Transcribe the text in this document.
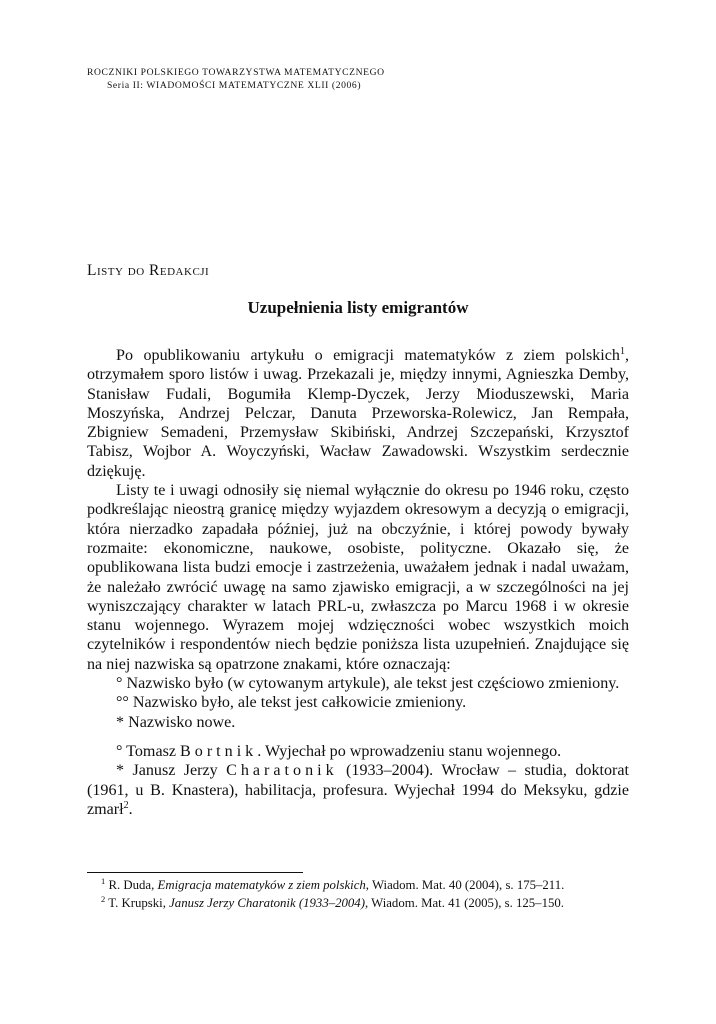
ROCZNIKI POLSKIEGO TOWARZYSTWA MATEMATYCZNEGO
Seria II: WIADOMOŚCI MATEMATYCZNE XLII (2006)
Listy do Redakcji
Uzupełnienia listy emigrantów

Po opublikowaniu artykułu o emigracji matematyków z ziem polskich$^1$, otrzymałem sporo listów i uwag. Przekazali je, między innymi, Agnieszka Demby, Stanisław Fudali, Bogumiła Klemp-Dyczek, Jerzy Mioduszewski, Maria Moszyńska, Andrzej Pelczar, Danuta Przeworska-Rolewicz, Jan Rempała, Zbigniew Semadeni, Przemysław Skibiński, Andrzej Szczepański, Krzysztof Tabisz, Wojbor A. Woyczyński, Wacław Zawadowski. Wszystkim serdecznie dziękuję.

Listy te i uwagi odnosiły się niemal wyłącznie do okresu po 1946 roku, często podkreślając nieostrą granicę między wyjazdem okresowym a decyzją o emigracji, która nierzadko zapadała później, już na obczyźnie, i której powody bywały rozmaite: ekonomiczne, naukowe, osobiste, polityczne. Okazało się, że opublikowana lista budzi emocje i zastrzeżenia, uważałem jednak i nadal uważam, że należało zwrócić uwagę na samo zjawisko emigracji, a w szczególności na jej wyniszczający charakter w latach PRL-u, zwłaszcza po Marcu 1968 i w okresie stanu wojennego. Wyrazem mojej wdzięczności wobec wszystkich moich czytelników i respondentów niech będzie poniższa lista uzupełnień. Znajdujące się na niej nazwiska są opatrzone znakami, które oznaczają:

° Nazwisko było (w cytowanym artykule), ale tekst jest częściowo zmieniony.

°° Nazwisko było, ale tekst jest całkowicie zmieniony.

* Nazwisko nowe.

° Tomasz Bortnik. Wyjechał po wprowadzeniu stanu wojennego.

* Janusz Jerzy Charatonik (1933–2004). Wrocław – studia, doktorat (1961, u B. Knastera), habilitacja, profesura. Wyjechał 1994 do Meksyku, gdzie zmarł$^2$.

$^1$ R. Duda, Emigracja matematyków z ziem polskich, Wiadom. Mat. 40 (2004), s. 175–211.

$^2$ T. Krupski, Janusz Jerzy Charatonik (1933–2004), Wiadom. Mat. 41 (2005), s. 125–150.
